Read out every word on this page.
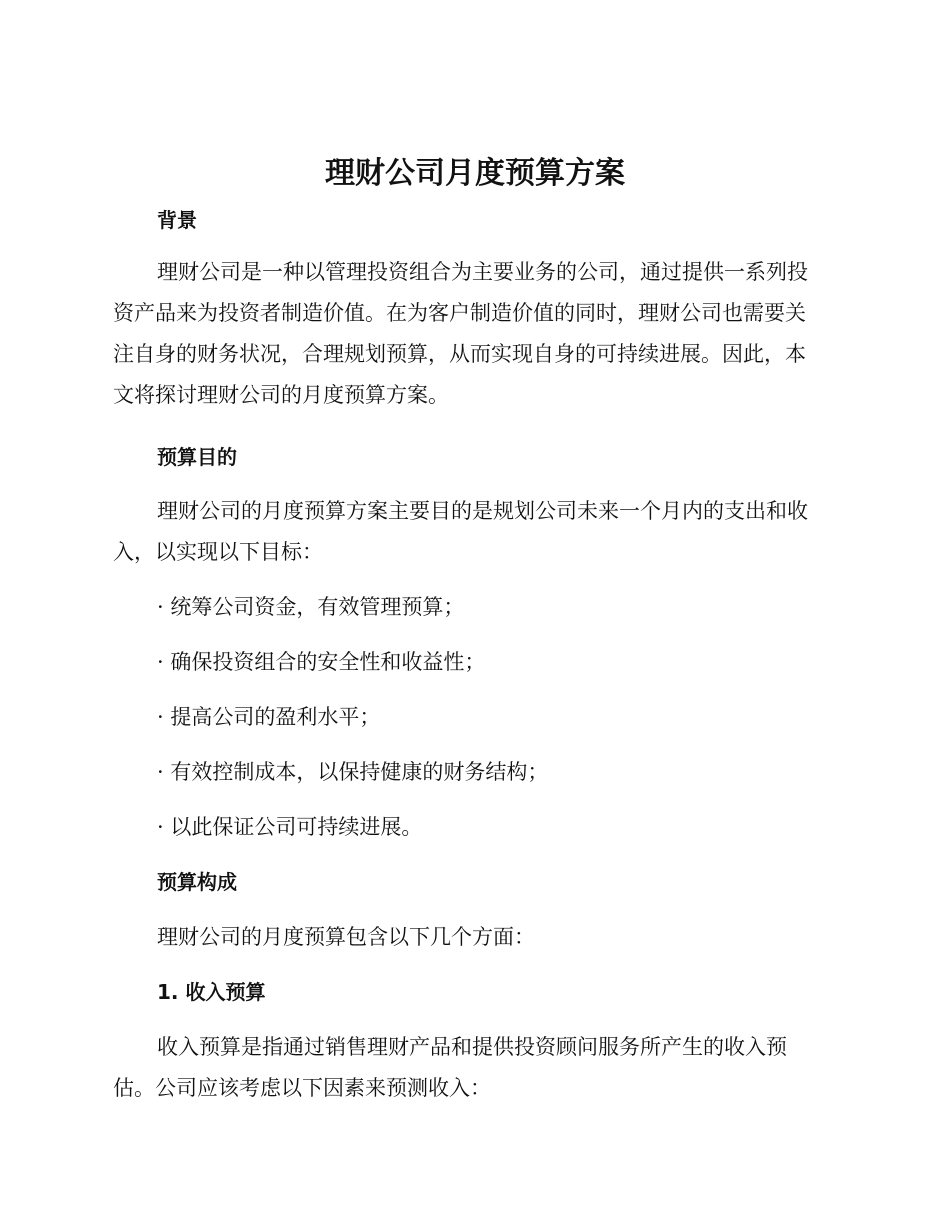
理财公司月度预算方案
背景

理财公司是一种以管理投资组合为主要业务的公司，通过提供一系列投
资产品来为投资者制造价值。在为客户制造价值的同时，理财公司也需要关
注自身的财务状况，合理规划预算，从而实现自身的可持续进展。因此，本
文将探讨理财公司的月度预算方案。

预算目的

理财公司的月度预算方案主要目的是规划公司未来一个月内的支出和收
入，以实现以下目标：

· 统筹公司资金，有效管理预算；

· 确保投资组合的安全性和收益性；

· 提高公司的盈利水平；

· 有效控制成本，以保持健康的财务结构；

· 以此保证公司可持续进展。

预算构成

理财公司的月度预算包含以下几个方面：

1. 收入预算

收入预算是指通过销售理财产品和提供投资顾问服务所产生的收入预
估。公司应该考虑以下因素来预测收入：
